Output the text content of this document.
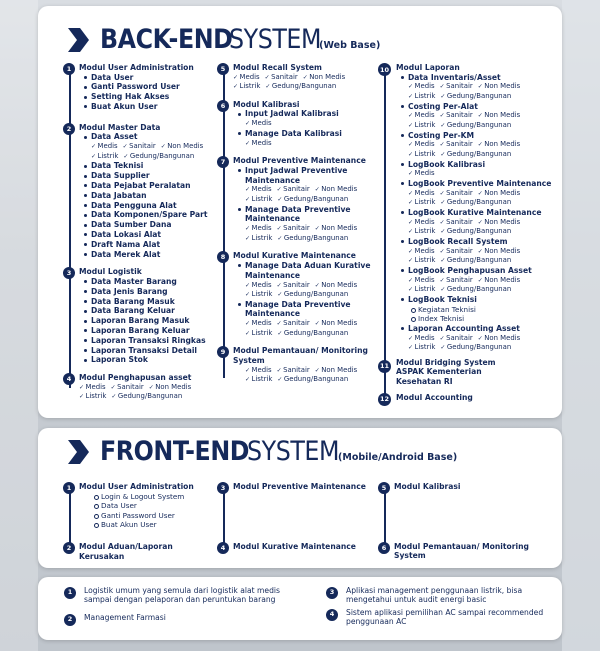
BACK-END
SYSTEM
(Web Base)
1	Modul User Administration
Data User
Ganti Password User
Setting Hak Akses
Buat Akun User
2	Modul Master Data
Data Asset
✓ Medis	✓ Sanitair	✓ Non Medis
✓ Listrik	✓ Gedung/Bangunan
Data Teknisi
Data Supplier
Data Pejabat Peralatan
Data Jabatan
Data Pengguna Alat
Data Komponen/Spare Part
Data Sumber Dana
Data Lokasi Alat
Draft Nama Alat
Data Merek Alat
3	Modul Logistik
Data Master Barang
Data Jenis Barang
Data Barang Masuk
Data Barang Keluar
Laporan Barang Masuk
Laporan Barang Keluar
Laporan Transaksi Ringkas
Laporan Transaksi Detail
Laporan Stok
4	Modul Penghapusan asset
✓ Medis	✓ Sanitair	✓ Non Medis
✓ Listrik	✓ Gedung/Bangunan
5	Modul Recall System
✓ Medis	✓ Sanitair	✓ Non Medis
✓ Listrik	✓ Gedung/Bangunan
6	Modul Kalibrasi
Input Jadwal Kalibrasi
✓ Medis
Manage Data Kalibrasi
✓ Medis
7	Modul Preventive Maintenance
Input Jadwal Preventive Maintenance
✓ Medis	✓ Sanitair	✓ Non Medis
✓ Listrik	✓ Gedung/Bangunan
Manage Data Preventive Maintenance
✓ Medis	✓ Sanitair	✓ Non Medis
✓ Listrik	✓ Gedung/Bangunan
8	Modul Kurative Maintenance
Manage Data Aduan Kurative Maintenance
✓ Medis	✓ Sanitair	✓ Non Medis
✓ Listrik	✓ Gedung/Bangunan
Manage Data Preventive Maintenance
✓ Medis	✓ Sanitair	✓ Non Medis
✓ Listrik	✓ Gedung/Bangunan
9	Modul Pemantauan/ Monitoring System
✓ Medis	✓ Sanitair	✓ Non Medis
✓ Listrik	✓ Gedung/Bangunan
10 Modul Laporan
Data Inventaris/Asset
✓ Medis	✓ Sanitair	✓ Non Medis
✓ Listrik	✓ Gedung/Bangunan
Costing Per-Alat
✓ Medis	✓ Sanitair	✓ Non Medis
✓ Listrik	✓ Gedung/Bangunan
Costing Per-KM
✓ Medis	✓ Sanitair	✓ Non Medis
✓ Listrik	✓ Gedung/Bangunan
LogBook Kalibrasi
✓ Medis
LogBook Preventive Maintenance
✓ Medis	✓ Sanitair	✓ Non Medis
✓ Listrik	✓ Gedung/Bangunan
LogBook Kurative Maintenance
✓ Medis	✓ Sanitair	✓ Non Medis
✓ Listrik	✓ Gedung/Bangunan
LogBook Recall System
✓ Medis	✓ Sanitair	✓ Non Medis
✓ Listrik	✓ Gedung/Bangunan
LogBook Penghapusan Asset
✓ Medis	✓ Sanitair	✓ Non Medis
✓ Listrik	✓ Gedung/Bangunan
LogBook Teknisi
Kegiatan Teknisi
Index Teknisi
Laporan Accounting Asset
✓ Medis	✓ Sanitair	✓ Non Medis
✓ Listrik	✓ Gedung/Bangunan
11 Modul Bridging System ASPAK Kementerian Kesehatan RI
12 Modul Accounting
FRONT-END
SYSTEM
(Mobile/Android Base)
1	Modul User Administration
Login & Logout System
Data User
Ganti Password User
Buat Akun User
2	Modul Aduan/Laporan Kerusakan
3	Modul Preventive Maintenance
4	Modul Kurative Maintenance
5	Modul Kalibrasi
6	Modul Pemantauan/ Monitoring System
1	Logistik umum yang semula dari logistik alat medis sampai dengan pelaporan dan peruntukan barang
2	Management Farmasi
3	Aplikasi management penggunaan listrik, bisa mengetahui untuk audit energi basic
4	Sistem aplikasi pemilihan AC sampai recommended penggunaan AC
